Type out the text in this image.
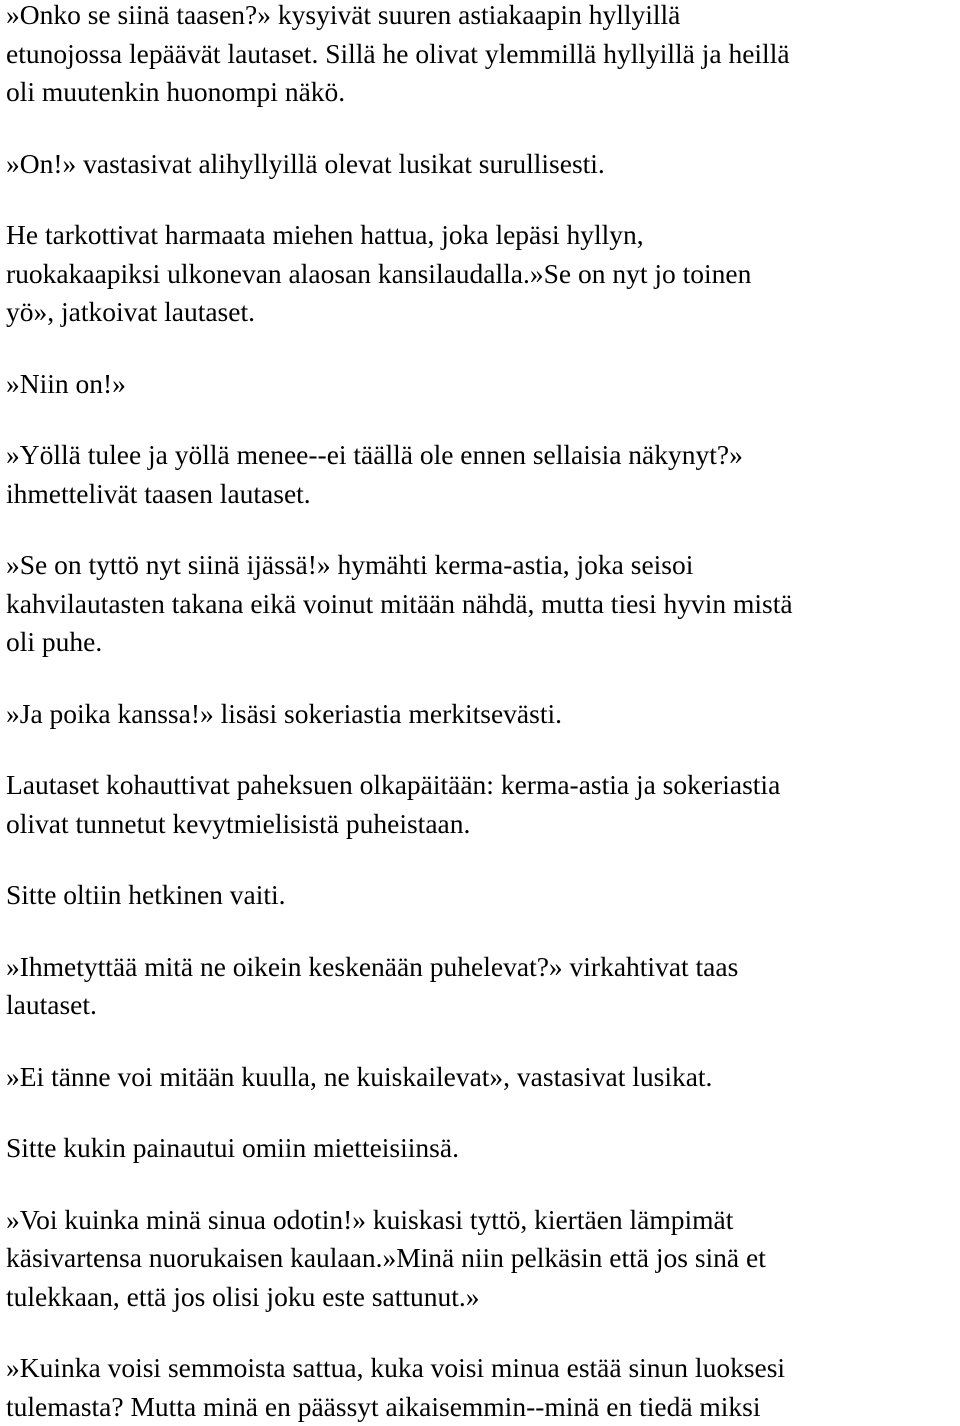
»Onko se siinä taasen?» kysyivät suuren astiakaapin hyllyillä
etunojossa lepäävät lautaset. Sillä he olivat ylemmillä hyllyillä ja heillä
oli muutenkin huonompi näkö.

»On!» vastasivat alihyllyillä olevat lusikat surullisesti.

He tarkottivat harmaata miehen hattua, joka lepäsi hyllyn,
ruokakaapiksi ulkonevan alaosan kansilaudalla.»Se on nyt jo toinen
yö», jatkoivat lautaset.

»Niin on!»

»Yöllä tulee ja yöllä menee--ei täällä ole ennen sellaisia näkynyt?»
ihmettelivät taasen lautaset.

»Se on tyttö nyt siinä ijässä!» hymähti kerma-astia, joka seisoi
kahvilautasten takana eikä voinut mitään nähdä, mutta tiesi hyvin mistä
oli puhe.

»Ja poika kanssa!» lisäsi sokeriastia merkitsevästi.

Lautaset kohauttivat paheksuen olkapäitään: kerma-astia ja sokeriastia
olivat tunnetut kevytmielisistä puheistaan.

Sitte oltiin hetkinen vaiti.

»Ihmetyttää mitä ne oikein keskenään puhelevat?» virkahtivat taas
lautaset.

»Ei tänne voi mitään kuulla, ne kuiskailevat», vastasivat lusikat.

Sitte kukin painautui omiin mietteisiinsä.

»Voi kuinka minä sinua odotin!» kuiskasi tyttö, kiertäen lämpimät
käsivartensa nuorukaisen kaulaan.»Minä niin pelkäsin että jos sinä et
tulekkaan, että jos olisi joku este sattunut.»

»Kuinka voisi semmoista sattua, kuka voisi minua estää sinun luoksesi
tulemasta? Mutta minä en päässyt aikaisemmin--minä en tiedä miksi
